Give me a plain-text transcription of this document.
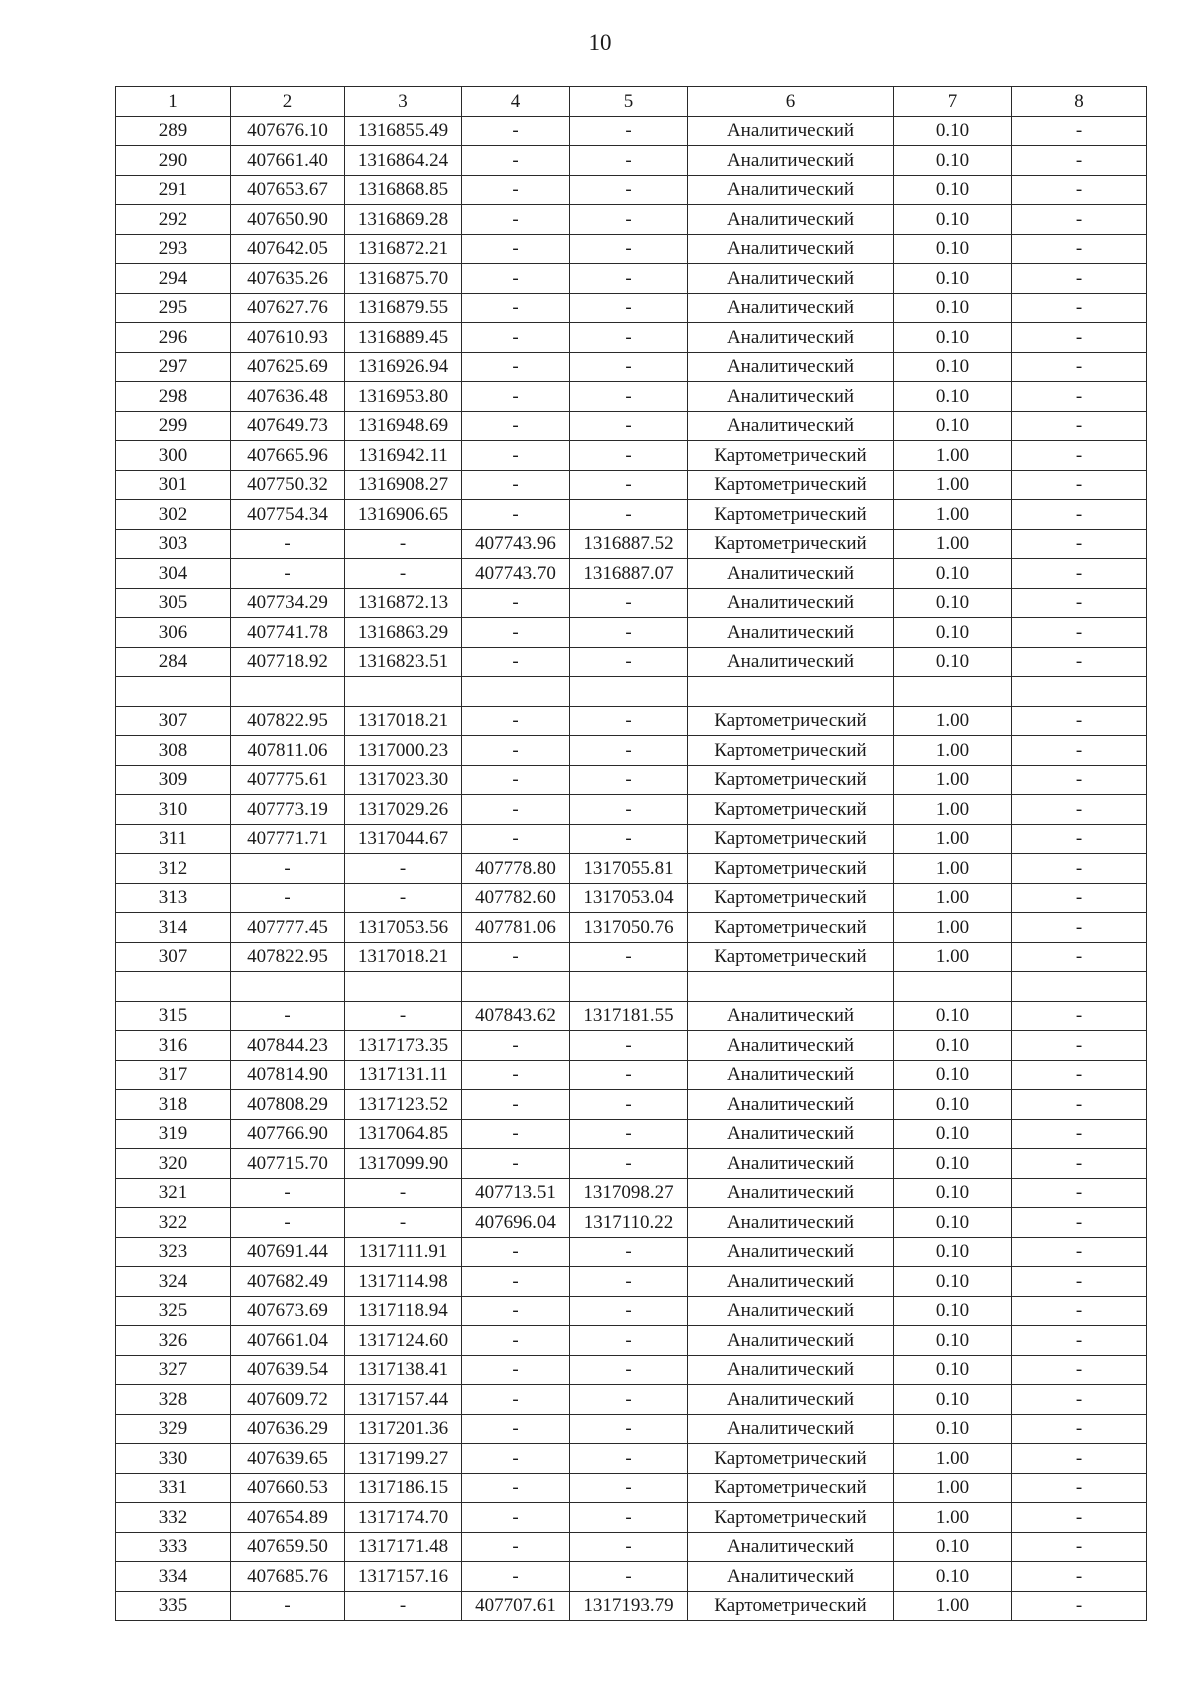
10
1	2	3	4	5	6	7	8
289	407676.10	1316855.49	-	-	Аналитический	0.10	-
290	407661.40	1316864.24	-	-	Аналитический	0.10	-
291	407653.67	1316868.85	-	-	Аналитический	0.10	-
292	407650.90	1316869.28	-	-	Аналитический	0.10	-
293	407642.05	1316872.21	-	-	Аналитический	0.10	-
294	407635.26	1316875.70	-	-	Аналитический	0.10	-
295	407627.76	1316879.55	-	-	Аналитический	0.10	-
296	407610.93	1316889.45	-	-	Аналитический	0.10	-
297	407625.69	1316926.94	-	-	Аналитический	0.10	-
298	407636.48	1316953.80	-	-	Аналитический	0.10	-
299	407649.73	1316948.69	-	-	Аналитический	0.10	-
300	407665.96	1316942.11	-	-	Картометрический	1.00	-
301	407750.32	1316908.27	-	-	Картометрический	1.00	-
302	407754.34	1316906.65	-	-	Картометрический	1.00	-
303	-	-	407743.96	1316887.52	Картометрический	1.00	-
304	-	-	407743.70	1316887.07	Аналитический	0.10	-
305	407734.29	1316872.13	-	-	Аналитический	0.10	-
306	407741.78	1316863.29	-	-	Аналитический	0.10	-
284	407718.92	1316823.51	-	-	Аналитический	0.10	-

307	407822.95	1317018.21	-	-	Картометрический	1.00	-
308	407811.06	1317000.23	-	-	Картометрический	1.00	-
309	407775.61	1317023.30	-	-	Картометрический	1.00	-
310	407773.19	1317029.26	-	-	Картометрический	1.00	-
311	407771.71	1317044.67	-	-	Картометрический	1.00	-
312	-	-	407778.80	1317055.81	Картометрический	1.00	-
313	-	-	407782.60	1317053.04	Картометрический	1.00	-
314	407777.45	1317053.56	407781.06	1317050.76	Картометрический	1.00	-
307	407822.95	1317018.21	-	-	Картометрический	1.00	-

315	-	-	407843.62	1317181.55	Аналитический	0.10	-
316	407844.23	1317173.35	-	-	Аналитический	0.10	-
317	407814.90	1317131.11	-	-	Аналитический	0.10	-
318	407808.29	1317123.52	-	-	Аналитический	0.10	-
319	407766.90	1317064.85	-	-	Аналитический	0.10	-
320	407715.70	1317099.90	-	-	Аналитический	0.10	-
321	-	-	407713.51	1317098.27	Аналитический	0.10	-
322	-	-	407696.04	1317110.22	Аналитический	0.10	-
323	407691.44	1317111.91	-	-	Аналитический	0.10	-
324	407682.49	1317114.98	-	-	Аналитический	0.10	-
325	407673.69	1317118.94	-	-	Аналитический	0.10	-
326	407661.04	1317124.60	-	-	Аналитический	0.10	-
327	407639.54	1317138.41	-	-	Аналитический	0.10	-
328	407609.72	1317157.44	-	-	Аналитический	0.10	-
329	407636.29	1317201.36	-	-	Аналитический	0.10	-
330	407639.65	1317199.27	-	-	Картометрический	1.00	-
331	407660.53	1317186.15	-	-	Картометрический	1.00	-
332	407654.89	1317174.70	-	-	Картометрический	1.00	-
333	407659.50	1317171.48	-	-	Аналитический	0.10	-
334	407685.76	1317157.16	-	-	Аналитический	0.10	-
335	-	-	407707.61	1317193.79	Картометрический	1.00	-
